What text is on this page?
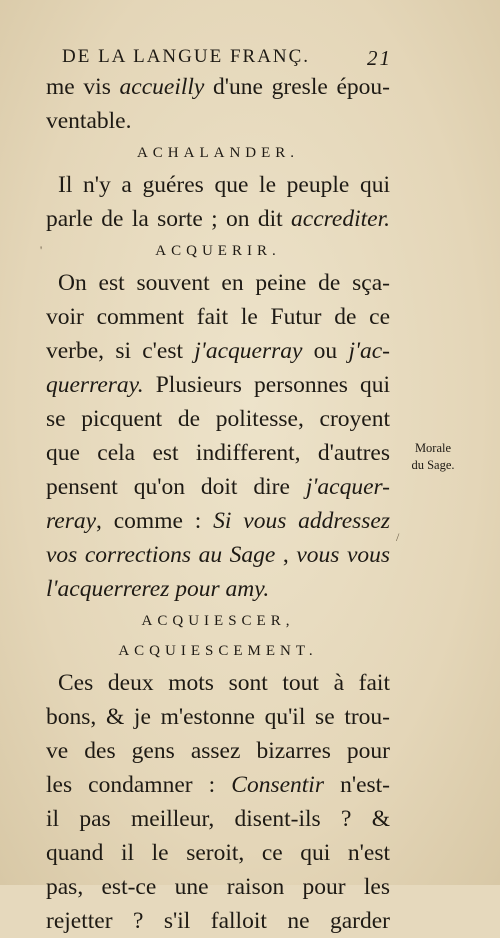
DE LA LANGUE FRANÇ.	21
me vis accueilly d'une gresle épou-
ventable.
ACHALANDER.
Il n'y a guéres que le peuple qui
parle de la sorte ; on dit accrediter.
ACQUERIR.
On est souvent en peine de sça-
voir comment fait le Futur de ce
verbe, si c'est j'acquerray ou j'ac-
querreray. Plusieurs personnes qui
se picquent de politesse, croyent
que cela est indifferent, d'autres
pensent qu'on doit dire j'acquer-
reray, comme : Si vous addressez
vos corrections au Sage , vous vous
l'acquerrerez pour amy.
ACQUIESCER,
ACQUIESCEMENT.
Ces deux mots sont tout à fait
bons, & je m'estonne qu'il se trou-
ve des gens assez bizarres pour
les condamner : Consentir n'est-
il pas meilleur, disent-ils ? &
quand il le seroit, ce qui n'est
pas, est-ce une raison pour les
rejetter ? s'il falloit ne garder
Morale
du Sage.
'
/
